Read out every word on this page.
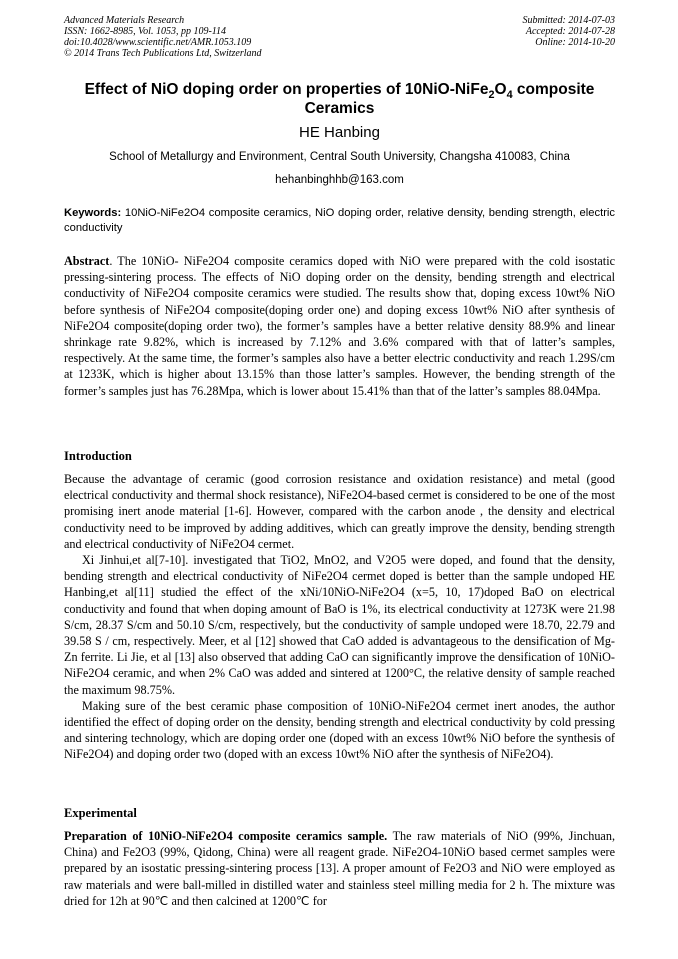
Advanced Materials Research
ISSN: 1662-8985, Vol. 1053, pp 109-114
doi:10.4028/www.scientific.net/AMR.1053.109
© 2014 Trans Tech Publications Ltd, Switzerland
Submitted: 2014-07-03
Accepted: 2014-07-28
Online: 2014-10-20
Effect of NiO doping order on properties of $10NiO-NiFe_2O_4$ composite Ceramics
HE Hanbing
School of Metallurgy and Environment, Central South University, Changsha 410083, China
hehanbinghhb@163.com
Keywords: 10NiO-NiFe2O4 composite ceramics, NiO doping order, relative density, bending strength, electric conductivity
Abstract. The 10NiO- NiFe2O4 composite ceramics doped with NiO were prepared with the cold isostatic pressing-sintering process. The effects of NiO doping order on the density, bending strength and electrical conductivity of NiFe2O4 composite ceramics were studied. The results show that, doping excess 10wt% NiO before synthesis of NiFe2O4 composite(doping order one) and doping excess 10wt% NiO after synthesis of NiFe2O4 composite(doping order two), the former’s samples have a better relative density 88.9% and linear shrinkage rate 9.82%, which is increased by 7.12% and 3.6% compared with that of latter’s samples, respectively. At the same time, the former’s samples also have a better electric conductivity and reach 1.29S/cm at 1233K, which is higher about 13.15% than those latter’s samples. However, the bending strength of the former’s samples just has 76.28Mpa, which is lower about 15.41% than that of the latter’s samples 88.04Mpa.
Introduction

Because the advantage of ceramic (good corrosion resistance and oxidation resistance) and metal (good electrical conductivity and thermal shock resistance), NiFe2O4-based cermet is considered to be one of the most promising inert anode material [1-6]. However, compared with the carbon anode , the density and electrical conductivity need to be improved by adding additives, which can greatly improve the density, bending strength and electrical conductivity of NiFe2O4 cermet.

Xi Jinhui,et al[7-10]. investigated that TiO2, MnO2, and V2O5 were doped, and found that the density, bending strength and electrical conductivity of NiFe2O4 cermet doped is better than the sample undoped HE Hanbing,et al[11] studied the effect of the xNi/10NiO-NiFe2O4 (x=5, 10, 17)doped BaO on electrical conductivity and found that when doping amount of BaO is 1%, its electrical conductivity at 1273K were 21.98 S/cm, 28.37 S/cm and 50.10 S/cm, respectively, but the conductivity of sample undoped were 18.70, 22.79 and 39.58 S / cm, respectively. Meer, et al [12] showed that CaO added is advantageous to the densification of Mg-Zn ferrite. Li Jie, et al [13] also observed that adding CaO can significantly improve the densification of 10NiO-NiFe2O4 ceramic, and when 2% CaO was added and sintered at 1200°C, the relative density of sample reached the maximum 98.75%.

Making sure of the best ceramic phase composition of 10NiO-NiFe2O4 cermet inert anodes, the author identified the effect of doping order on the density, bending strength and electrical conductivity by cold pressing and sintering technology, which are doping order one (doped with an excess 10wt% NiO before the synthesis of NiFe2O4) and doping order two (doped with an excess 10wt% NiO after the synthesis of NiFe2O4).

Experimental

Preparation of 10NiO-NiFe2O4 composite ceramics sample. The raw materials of NiO (99%, Jinchuan, China) and Fe2O3 (99%, Qidong, China) were all reagent grade. NiFe2O4-10NiO based cermet samples were prepared by an isostatic pressing-sintering process [13]. A proper amount of Fe2O3 and NiO were employed as raw materials and were ball-milled in distilled water and stainless steel milling media for 2 h. The mixture was dried for 12h at 90℃ and then calcined at 1200℃ for
